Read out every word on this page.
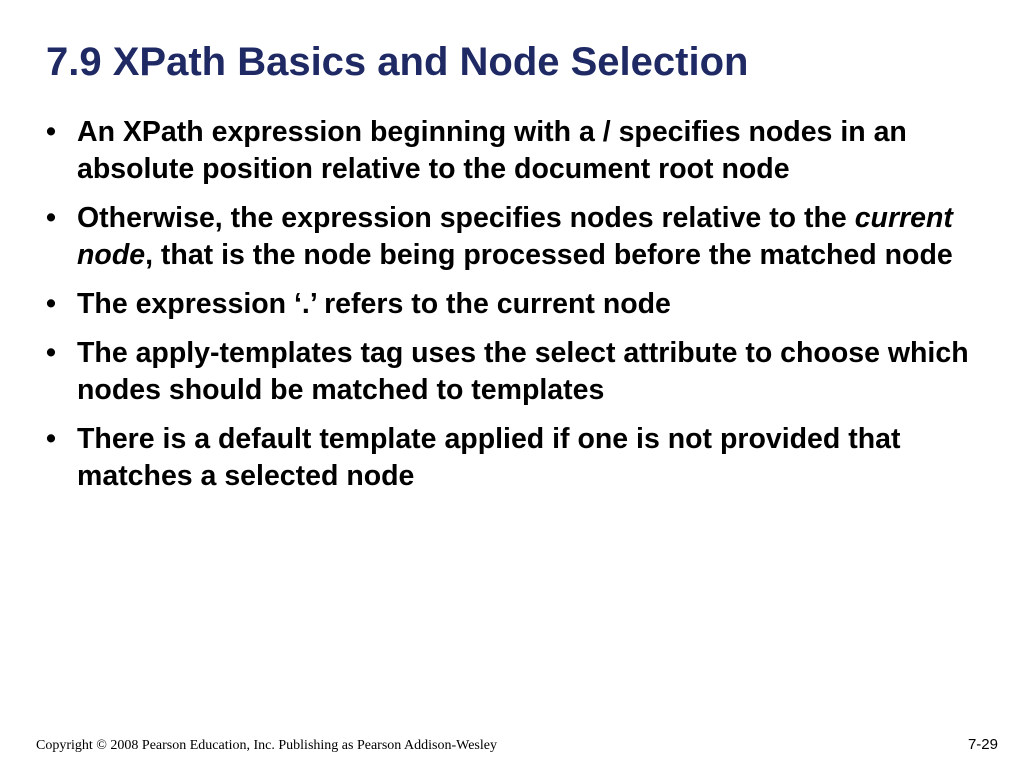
7.9 XPath Basics and Node Selection
• An XPath expression beginning with a / specifies nodes in an absolute position relative to the document root node
• Otherwise, the expression specifies nodes relative to the current node, that is the node being processed before the matched node
• The expression ‘.’ refers to the current node
• The apply-templates tag uses the select attribute to choose which nodes should be matched to templates
• There is a default template applied if one is not provided that matches a selected node
Copyright © 2008 Pearson Education, Inc. Publishing as Pearson Addison-Wesley	7-29
